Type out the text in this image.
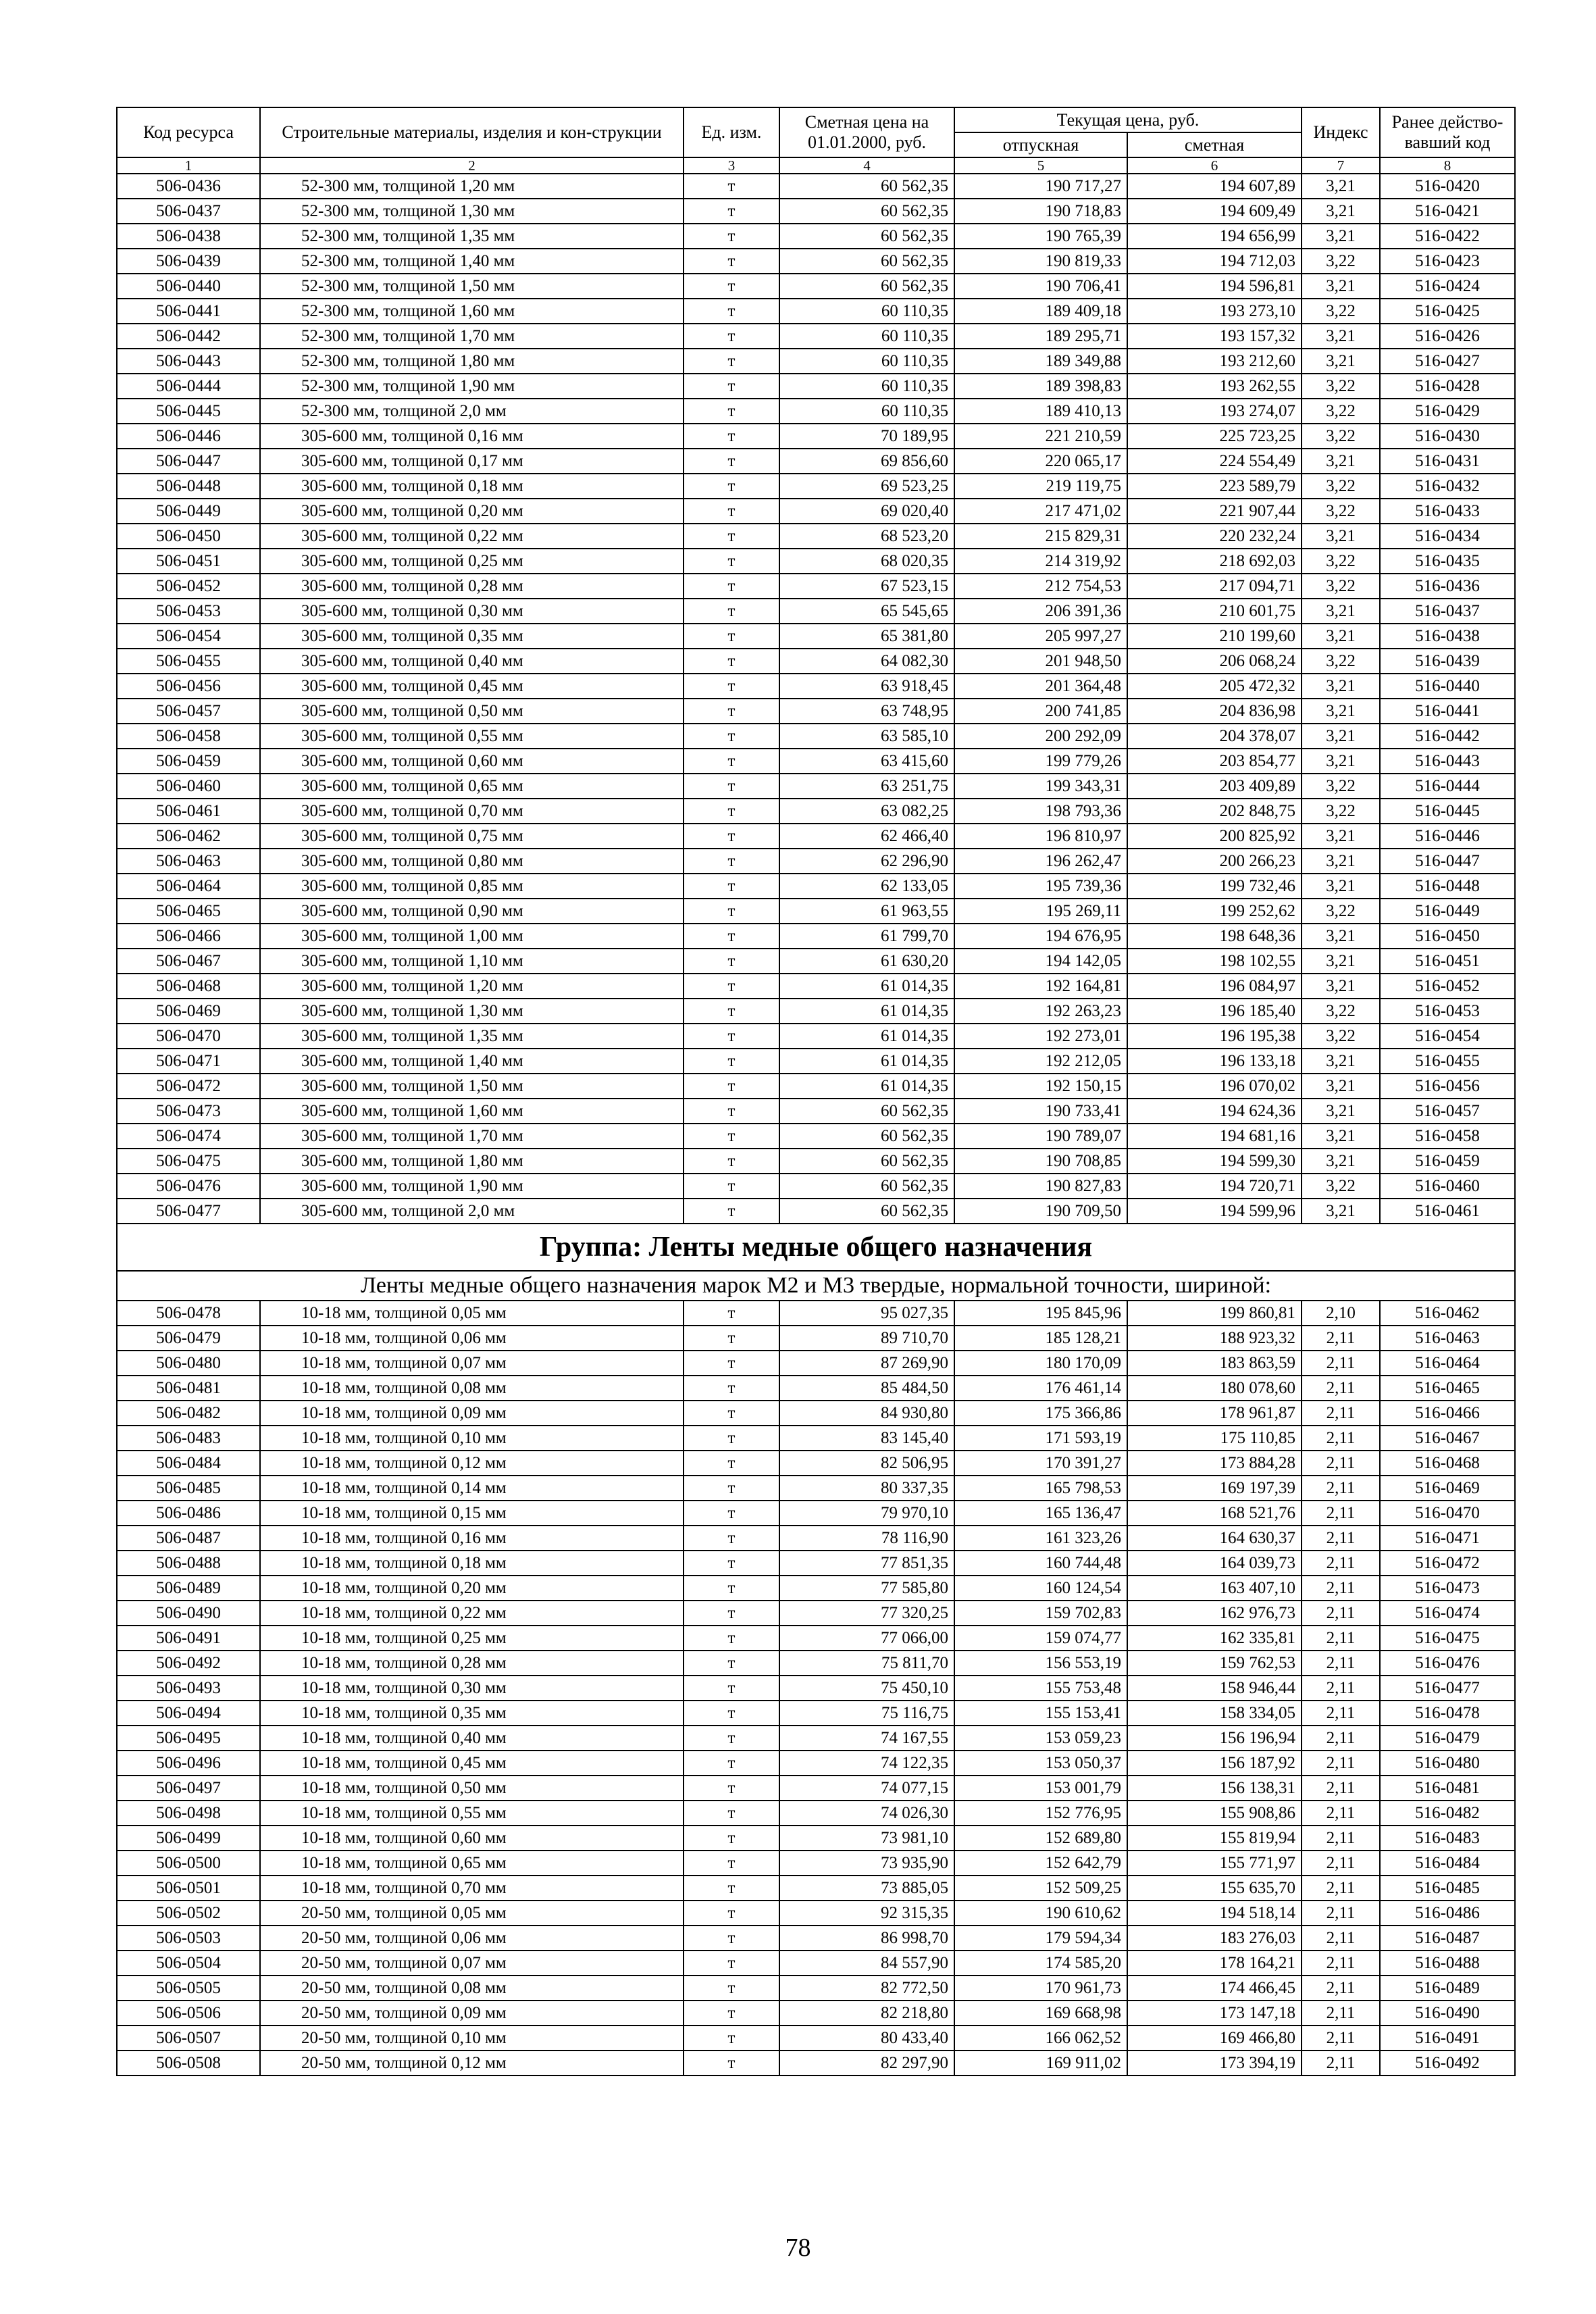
Код ресурса	Строительные материалы, изделия и кон-струкции	Ед. изм.	Сметная цена на 01.01.2000, руб.	Текущая цена, руб.		Индекс	Ранее действо-вавший код
				отпускная	сметная		
1	2	3	4	5	6	7	8
506-0436	52-300 мм, толщиной 1,20 мм	т	60 562,35	190 717,27	194 607,89	3,21	516-0420
506-0437	52-300 мм, толщиной 1,30 мм	т	60 562,35	190 718,83	194 609,49	3,21	516-0421
506-0438	52-300 мм, толщиной 1,35 мм	т	60 562,35	190 765,39	194 656,99	3,21	516-0422
506-0439	52-300 мм, толщиной 1,40 мм	т	60 562,35	190 819,33	194 712,03	3,22	516-0423
506-0440	52-300 мм, толщиной 1,50 мм	т	60 562,35	190 706,41	194 596,81	3,21	516-0424
506-0441	52-300 мм, толщиной 1,60 мм	т	60 110,35	189 409,18	193 273,10	3,22	516-0425
506-0442	52-300 мм, толщиной 1,70 мм	т	60 110,35	189 295,71	193 157,32	3,21	516-0426
506-0443	52-300 мм, толщиной 1,80 мм	т	60 110,35	189 349,88	193 212,60	3,21	516-0427
506-0444	52-300 мм, толщиной 1,90 мм	т	60 110,35	189 398,83	193 262,55	3,22	516-0428
506-0445	52-300 мм, толщиной 2,0 мм	т	60 110,35	189 410,13	193 274,07	3,22	516-0429
506-0446	305-600 мм, толщиной 0,16 мм	т	70 189,95	221 210,59	225 723,25	3,22	516-0430
506-0447	305-600 мм, толщиной 0,17 мм	т	69 856,60	220 065,17	224 554,49	3,21	516-0431
506-0448	305-600 мм, толщиной 0,18 мм	т	69 523,25	219 119,75	223 589,79	3,22	516-0432
506-0449	305-600 мм, толщиной 0,20 мм	т	69 020,40	217 471,02	221 907,44	3,22	516-0433
506-0450	305-600 мм, толщиной 0,22 мм	т	68 523,20	215 829,31	220 232,24	3,21	516-0434
506-0451	305-600 мм, толщиной 0,25 мм	т	68 020,35	214 319,92	218 692,03	3,22	516-0435
506-0452	305-600 мм, толщиной 0,28 мм	т	67 523,15	212 754,53	217 094,71	3,22	516-0436
506-0453	305-600 мм, толщиной 0,30 мм	т	65 545,65	206 391,36	210 601,75	3,21	516-0437
506-0454	305-600 мм, толщиной 0,35 мм	т	65 381,80	205 997,27	210 199,60	3,21	516-0438
506-0455	305-600 мм, толщиной 0,40 мм	т	64 082,30	201 948,50	206 068,24	3,22	516-0439
506-0456	305-600 мм, толщиной 0,45 мм	т	63 918,45	201 364,48	205 472,32	3,21	516-0440
506-0457	305-600 мм, толщиной 0,50 мм	т	63 748,95	200 741,85	204 836,98	3,21	516-0441
506-0458	305-600 мм, толщиной 0,55 мм	т	63 585,10	200 292,09	204 378,07	3,21	516-0442
506-0459	305-600 мм, толщиной 0,60 мм	т	63 415,60	199 779,26	203 854,77	3,21	516-0443
506-0460	305-600 мм, толщиной 0,65 мм	т	63 251,75	199 343,31	203 409,89	3,22	516-0444
506-0461	305-600 мм, толщиной 0,70 мм	т	63 082,25	198 793,36	202 848,75	3,22	516-0445
506-0462	305-600 мм, толщиной 0,75 мм	т	62 466,40	196 810,97	200 825,92	3,21	516-0446
506-0463	305-600 мм, толщиной 0,80 мм	т	62 296,90	196 262,47	200 266,23	3,21	516-0447
506-0464	305-600 мм, толщиной 0,85 мм	т	62 133,05	195 739,36	199 732,46	3,21	516-0448
506-0465	305-600 мм, толщиной 0,90 мм	т	61 963,55	195 269,11	199 252,62	3,22	516-0449
506-0466	305-600 мм, толщиной 1,00 мм	т	61 799,70	194 676,95	198 648,36	3,21	516-0450
506-0467	305-600 мм, толщиной 1,10 мм	т	61 630,20	194 142,05	198 102,55	3,21	516-0451
506-0468	305-600 мм, толщиной 1,20 мм	т	61 014,35	192 164,81	196 084,97	3,21	516-0452
506-0469	305-600 мм, толщиной 1,30 мм	т	61 014,35	192 263,23	196 185,40	3,22	516-0453
506-0470	305-600 мм, толщиной 1,35 мм	т	61 014,35	192 273,01	196 195,38	3,22	516-0454
506-0471	305-600 мм, толщиной 1,40 мм	т	61 014,35	192 212,05	196 133,18	3,21	516-0455
506-0472	305-600 мм, толщиной 1,50 мм	т	61 014,35	192 150,15	196 070,02	3,21	516-0456
506-0473	305-600 мм, толщиной 1,60 мм	т	60 562,35	190 733,41	194 624,36	3,21	516-0457
506-0474	305-600 мм, толщиной 1,70 мм	т	60 562,35	190 789,07	194 681,16	3,21	516-0458
506-0475	305-600 мм, толщиной 1,80 мм	т	60 562,35	190 708,85	194 599,30	3,21	516-0459
506-0476	305-600 мм, толщиной 1,90 мм	т	60 562,35	190 827,83	194 720,71	3,22	516-0460
506-0477	305-600 мм, толщиной 2,0 мм	т	60 562,35	190 709,50	194 599,96	3,21	516-0461
Группа: Ленты медные общего назначения							
Ленты медные общего назначения марок М2 и М3 твердые, нормальной точности, шириной:							
506-0478	10-18 мм, толщиной 0,05 мм	т	95 027,35	195 845,96	199 860,81	2,10	516-0462
506-0479	10-18 мм, толщиной 0,06 мм	т	89 710,70	185 128,21	188 923,32	2,11	516-0463
506-0480	10-18 мм, толщиной 0,07 мм	т	87 269,90	180 170,09	183 863,59	2,11	516-0464
506-0481	10-18 мм, толщиной 0,08 мм	т	85 484,50	176 461,14	180 078,60	2,11	516-0465
506-0482	10-18 мм, толщиной 0,09 мм	т	84 930,80	175 366,86	178 961,87	2,11	516-0466
506-0483	10-18 мм, толщиной 0,10 мм	т	83 145,40	171 593,19	175 110,85	2,11	516-0467
506-0484	10-18 мм, толщиной 0,12 мм	т	82 506,95	170 391,27	173 884,28	2,11	516-0468
506-0485	10-18 мм, толщиной 0,14 мм	т	80 337,35	165 798,53	169 197,39	2,11	516-0469
506-0486	10-18 мм, толщиной 0,15 мм	т	79 970,10	165 136,47	168 521,76	2,11	516-0470
506-0487	10-18 мм, толщиной 0,16 мм	т	78 116,90	161 323,26	164 630,37	2,11	516-0471
506-0488	10-18 мм, толщиной 0,18 мм	т	77 851,35	160 744,48	164 039,73	2,11	516-0472
506-0489	10-18 мм, толщиной 0,20 мм	т	77 585,80	160 124,54	163 407,10	2,11	516-0473
506-0490	10-18 мм, толщиной 0,22 мм	т	77 320,25	159 702,83	162 976,73	2,11	516-0474
506-0491	10-18 мм, толщиной 0,25 мм	т	77 066,00	159 074,77	162 335,81	2,11	516-0475
506-0492	10-18 мм, толщиной 0,28 мм	т	75 811,70	156 553,19	159 762,53	2,11	516-0476
506-0493	10-18 мм, толщиной 0,30 мм	т	75 450,10	155 753,48	158 946,44	2,11	516-0477
506-0494	10-18 мм, толщиной 0,35 мм	т	75 116,75	155 153,41	158 334,05	2,11	516-0478
506-0495	10-18 мм, толщиной 0,40 мм	т	74 167,55	153 059,23	156 196,94	2,11	516-0479
506-0496	10-18 мм, толщиной 0,45 мм	т	74 122,35	153 050,37	156 187,92	2,11	516-0480
506-0497	10-18 мм, толщиной 0,50 мм	т	74 077,15	153 001,79	156 138,31	2,11	516-0481
506-0498	10-18 мм, толщиной 0,55 мм	т	74 026,30	152 776,95	155 908,86	2,11	516-0482
506-0499	10-18 мм, толщиной 0,60 мм	т	73 981,10	152 689,80	155 819,94	2,11	516-0483
506-0500	10-18 мм, толщиной 0,65 мм	т	73 935,90	152 642,79	155 771,97	2,11	516-0484
506-0501	10-18 мм, толщиной 0,70 мм	т	73 885,05	152 509,25	155 635,70	2,11	516-0485
506-0502	20-50 мм, толщиной 0,05 мм	т	92 315,35	190 610,62	194 518,14	2,11	516-0486
506-0503	20-50 мм, толщиной 0,06 мм	т	86 998,70	179 594,34	183 276,03	2,11	516-0487
506-0504	20-50 мм, толщиной 0,07 мм	т	84 557,90	174 585,20	178 164,21	2,11	516-0488
506-0505	20-50 мм, толщиной 0,08 мм	т	82 772,50	170 961,73	174 466,45	2,11	516-0489
506-0506	20-50 мм, толщиной 0,09 мм	т	82 218,80	169 668,98	173 147,18	2,11	516-0490
506-0507	20-50 мм, толщиной 0,10 мм	т	80 433,40	166 062,52	169 466,80	2,11	516-0491
506-0508	20-50 мм, толщиной 0,12 мм	т	82 297,90	169 911,02	173 394,19	2,11	516-0492
78
